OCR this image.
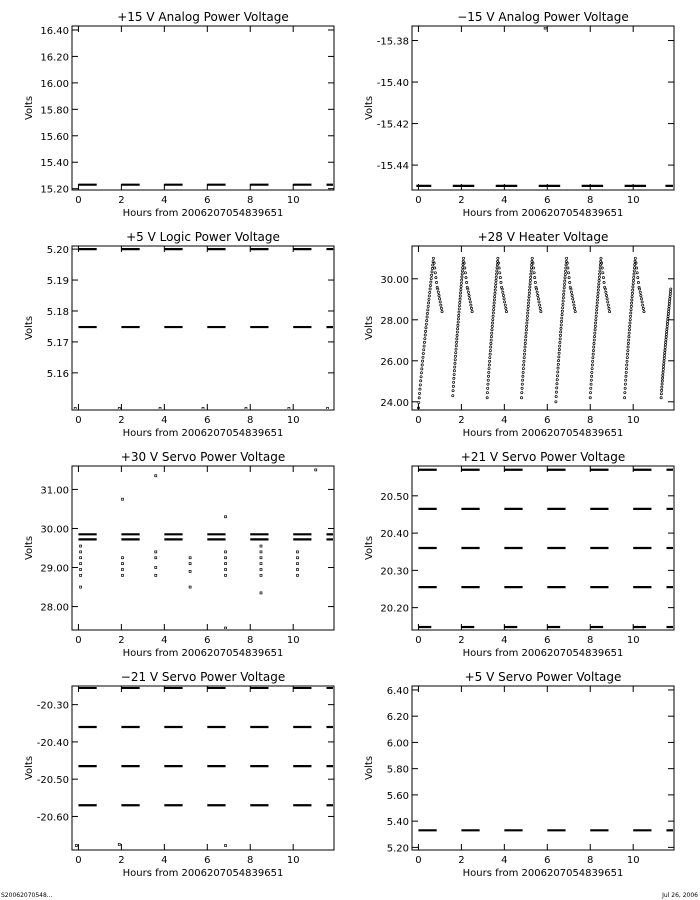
+15 V Analog Power Voltage
0	2	4	6	8	10
15.20
15.40
15.60
15.80
16.00
16.20
16.40
Hours from 20062070548396​51
Volts
−15 V Analog Power Voltage
0	2	4	6	8	10
-15.44
-15.42
-15.40
-15.38
Hours from 2006207054839651
Volts
+5 V Logic Power Voltage
0	2	4	6	8	10
5.16
5.17
5.18
5.19
5.20
Hours from 2006207054839651
Volts
+28 V Heater Voltage
0	2	4	6	8	10
24.00
26.00
28.00
30.00
Hours from 2006207054839651
Volts
+30 V Servo Power Voltage
0	2	4	6	8	10
28.00
29.00
30.00
31.00
Hours from 2006207054839651
Volts
+21 V Servo Power Voltage
0	2	4	6	8	10
20.20
20.30
20.40
20.50
Hours from 2006207054839651
Volts
−21 V Servo Power Voltage
0	2	4	6	8	10
-20.60
-20.50
-20.40
-20.30
Hours from 2006207054839651
Volts
+5 V Servo Power Voltage
0	2	4	6	8	10
5.20
5.40
5.60
5.80
6.00
6.20
6.40
Hours from 2006207054839651
Volts
S20062070548...	Jul 26, 2006
